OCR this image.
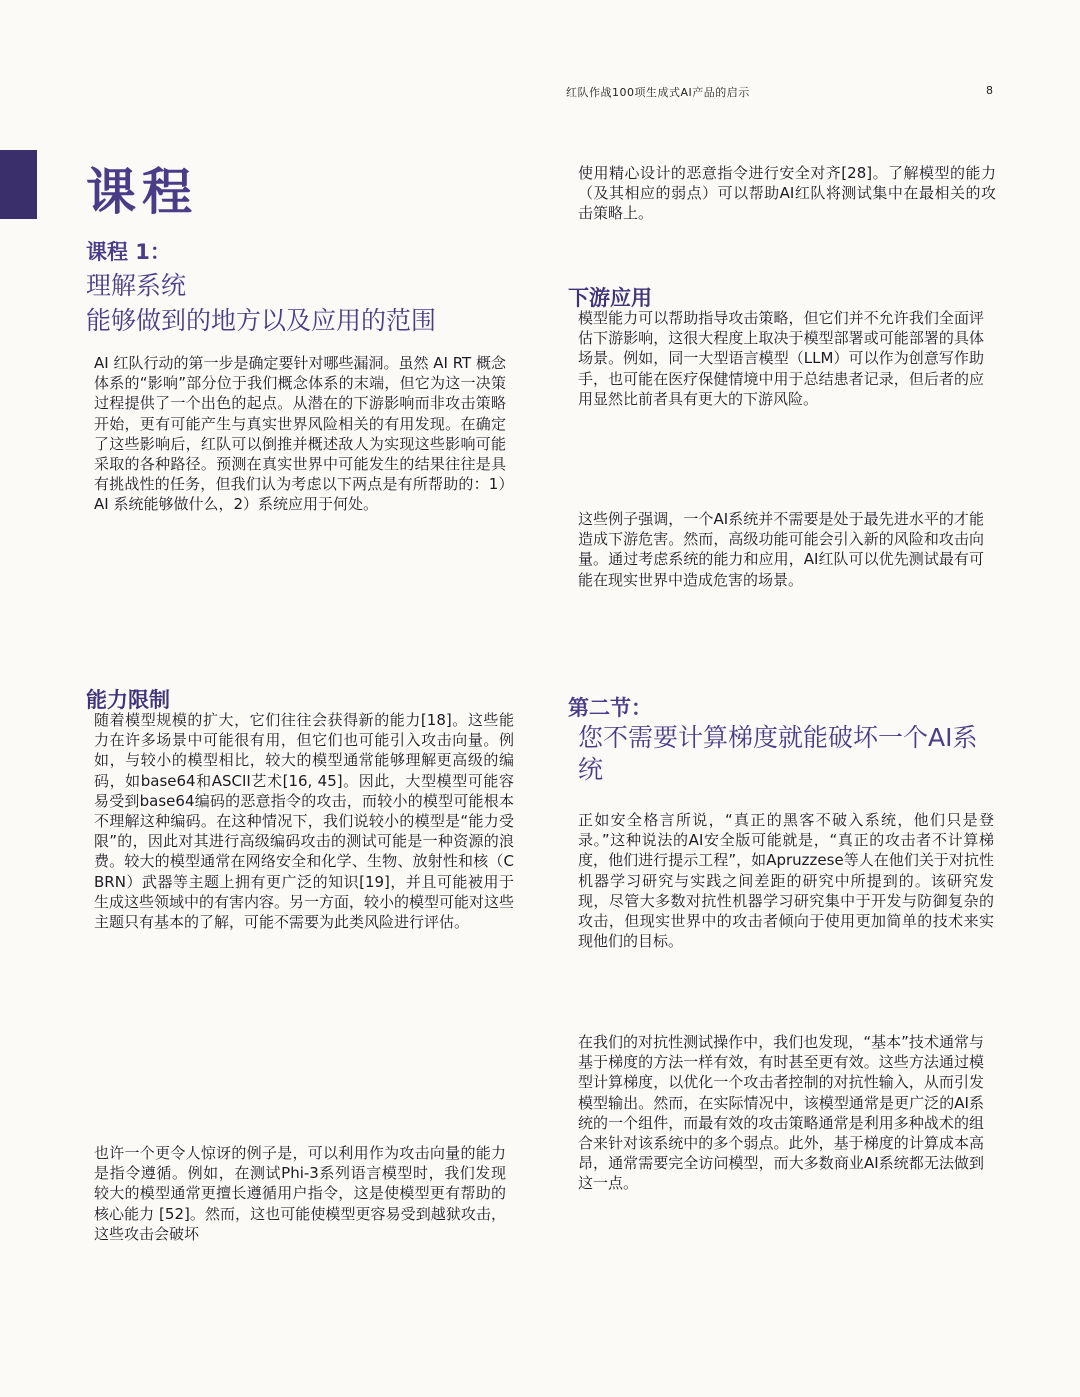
红队作战100项生成式AI产品的启示	8
课程
课程 1：
理解系统
能够做到的地方以及应用的范围

AI 红队行动的第一步是确定要针对哪些漏洞。虽然 AI RT 概念体系的“影响”部分位于我们概念体系的末端，但它为这一决策过程提供了一个出色的起点。从潜在的下游影响而非攻击策略开始，更有可能产生与真实世界风险相关的有用发现。在确定了这些影响后，红队可以倒推并概述敌人为实现这些影响可能采取的各种路径。预测在真实世界中可能发生的结果往往是具有挑战性的任务，但我们认为考虑以下两点是有所帮助的：1）AI 系统能够做什么，2）系统应用于何处。

能力限制

随着模型规模的扩大，它们往往会获得新的能力[18]。这些能力在许多场景中可能很有用，但它们也可能引入攻击向量。例如，与较小的模型相比，较大的模型通常能够理解更高级的编码，如base64和ASCII艺术[16, 45]。因此，大型模型可能容易受到base64编码的恶意指令的攻击，而较小的模型可能根本不理解这种编码。在这种情况下，我们说较小的模型是“能力受限”的，因此对其进行高级编码攻击的测试可能是一种资源的浪费。较大的模型通常在网络安全和化学、生物、放射性和核（CBRN）武器等主题上拥有更广泛的知识[19]，并且可能被用于生成这些领域中的有害内容。另一方面，较小的模型可能对这些主题只有基本的了解，可能不需要为此类风险进行评估。

也许一个更令人惊讶的例子是，可以利用作为攻击向量的能力是指令遵循。例如，在测试Phi-3系列语言模型时，我们发现较大的模型通常更擅长遵循用户指令，这是使模型更有帮助的核心能力 [52]。然而，这也可能使模型更容易受到越狱攻击，这些攻击会破坏

使用精心设计的恶意指令进行安全对齐[28]。了解模型的能力（及其相应的弱点）可以帮助AI红队将测试集中在最相关的攻击策略上。

下游应用

模型能力可以帮助指导攻击策略，但它们并不允许我们全面评估下游影响，这很大程度上取决于模型部署或可能部署的具体场景。例如，同一大型语言模型（LLM）可以作为创意写作助手，也可能在医疗保健情境中用于总结患者记录，但后者的应用显然比前者具有更大的下游风险。

这些例子强调，一个AI系统并不需要是处于最先进水平的才能造成下游危害。然而，高级功能可能会引入新的风险和攻击向量。通过考虑系统的能力和应用，AI红队可以优先测试最有可能在现实世界中造成危害的场景。

第二节：
您不需要计算梯度就能破坏一个AI系统

正如安全格言所说，“真正的黑客不破入系统，他们只是登录。”这种说法的AI安全版可能就是，“真正的攻击者不计算梯度，他们进行提示工程”，如Apruzzese等人在他们关于对抗性机器学习研究与实践之间差距的研究中所提到的。该研究发现，尽管大多数对抗性机器学习研究集中于开发与防御复杂的攻击，但现实世界中的攻击者倾向于使用更加简单的技术来实现他们的目标。

在我们的对抗性测试操作中，我们也发现，“基本”技术通常与基于梯度的方法一样有效，有时甚至更有效。这些方法通过模型计算梯度，以优化一个攻击者控制的对抗性输入，从而引发模型输出。然而，在实际情况中，该模型通常是更广泛的AI系统的一个组件，而最有效的攻击策略通常是利用多种战术的组合来针对该系统中的多个弱点。此外，基于梯度的计算成本高昂，通常需要完全访问模型，而大多数商业AI系统都无法做到这一点。
